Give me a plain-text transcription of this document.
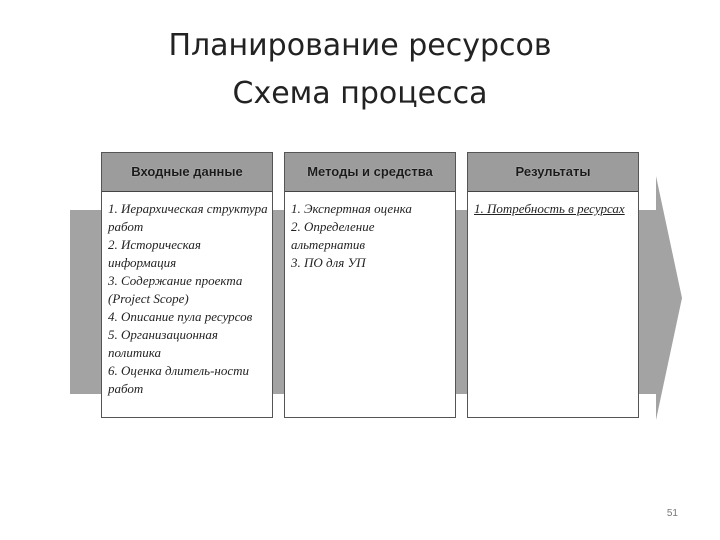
Планирование ресурсов
Схема процесса
Входные данные
1. Иерархическая структура работ
2. Историческая информация
3. Содержание проекта (Project Scope)
4. Описание пула ресурсов
5. Организационная политика
6. Оценка длитель-ности работ
Методы и средства
1. Экспертная оценка
2. Определение альтернатив
3. ПО для УП
Результаты
1. Потребность в ресурсах
51
